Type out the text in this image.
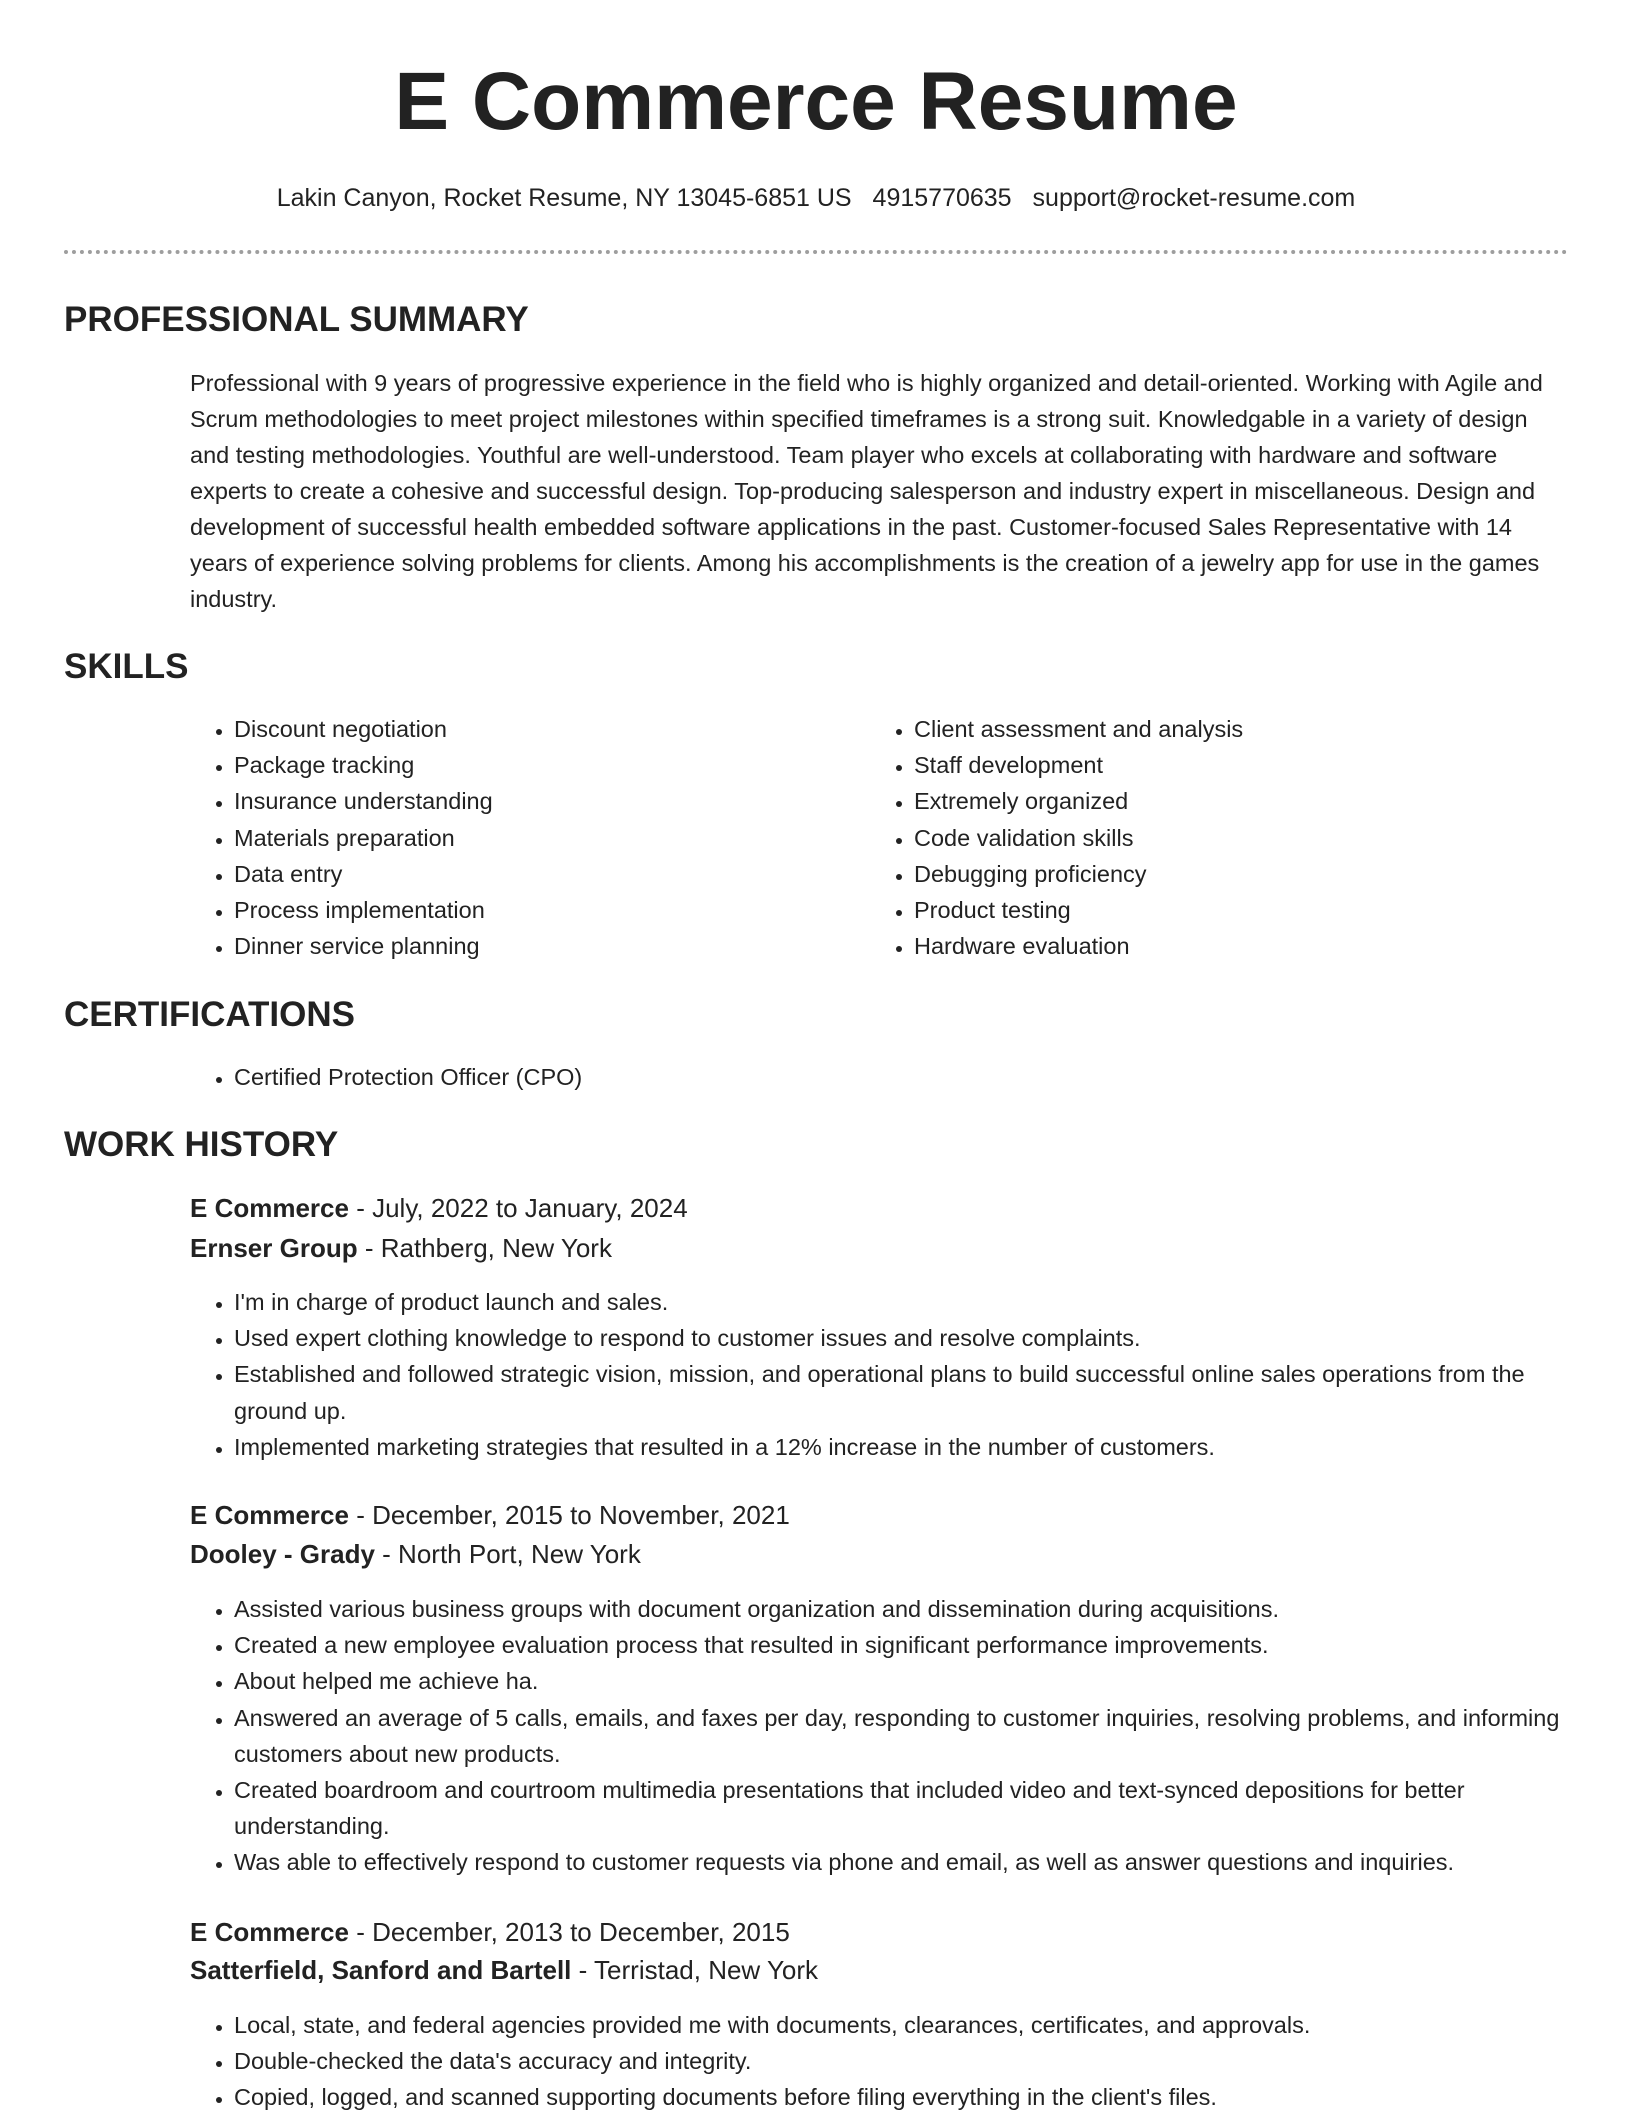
E Commerce Resume
Lakin Canyon, Rocket Resume, NY 13045-6851 US 4915770635 support@rocket-resume.com
PROFESSIONAL SUMMARY

Professional with 9 years of progressive experience in the field who is highly organized and detail-oriented. Working with Agile and Scrum methodologies to meet project milestones within specified timeframes is a strong suit. Knowledgable in a variety of design and testing methodologies. Youthful are well-understood. Team player who excels at collaborating with hardware and software experts to create a cohesive and successful design. Top-producing salesperson and industry expert in miscellaneous. Design and development of successful health embedded software applications in the past. Customer-focused Sales Representative with 14 years of experience solving problems for clients. Among his accomplishments is the creation of a jewelry app for use in the games industry.

SKILLS
• Discount negotiation
• Package tracking
• Insurance understanding
• Materials preparation
• Data entry
• Process implementation
• Dinner service planning
• Client assessment and analysis
• Staff development
• Extremely organized
• Code validation skills
• Debugging proficiency
• Product testing
• Hardware evaluation
CERTIFICATIONS
• Certified Protection Officer (CPO)
WORK HISTORY
E Commerce - July, 2022 to January, 2024
Ernser Group - Rathberg, New York
• I'm in charge of product launch and sales.
• Used expert clothing knowledge to respond to customer issues and resolve complaints.
• Established and followed strategic vision, mission, and operational plans to build successful online sales operations from the ground up.
• Implemented marketing strategies that resulted in a 12% increase in the number of customers.
E Commerce - December, 2015 to November, 2021
Dooley - Grady - North Port, New York
• Assisted various business groups with document organization and dissemination during acquisitions.
• Created a new employee evaluation process that resulted in significant performance improvements.
• About helped me achieve ha.
• Answered an average of 5 calls, emails, and faxes per day, responding to customer inquiries, resolving problems, and informing customers about new products.
• Created boardroom and courtroom multimedia presentations that included video and text-synced depositions for better understanding.
• Was able to effectively respond to customer requests via phone and email, as well as answer questions and inquiries.
E Commerce - December, 2013 to December, 2015
Satterfield, Sanford and Bartell - Terristad, New York
• Local, state, and federal agencies provided me with documents, clearances, certificates, and approvals.
• Double-checked the data's accuracy and integrity.
• Copied, logged, and scanned supporting documents before filing everything in the client's files.
